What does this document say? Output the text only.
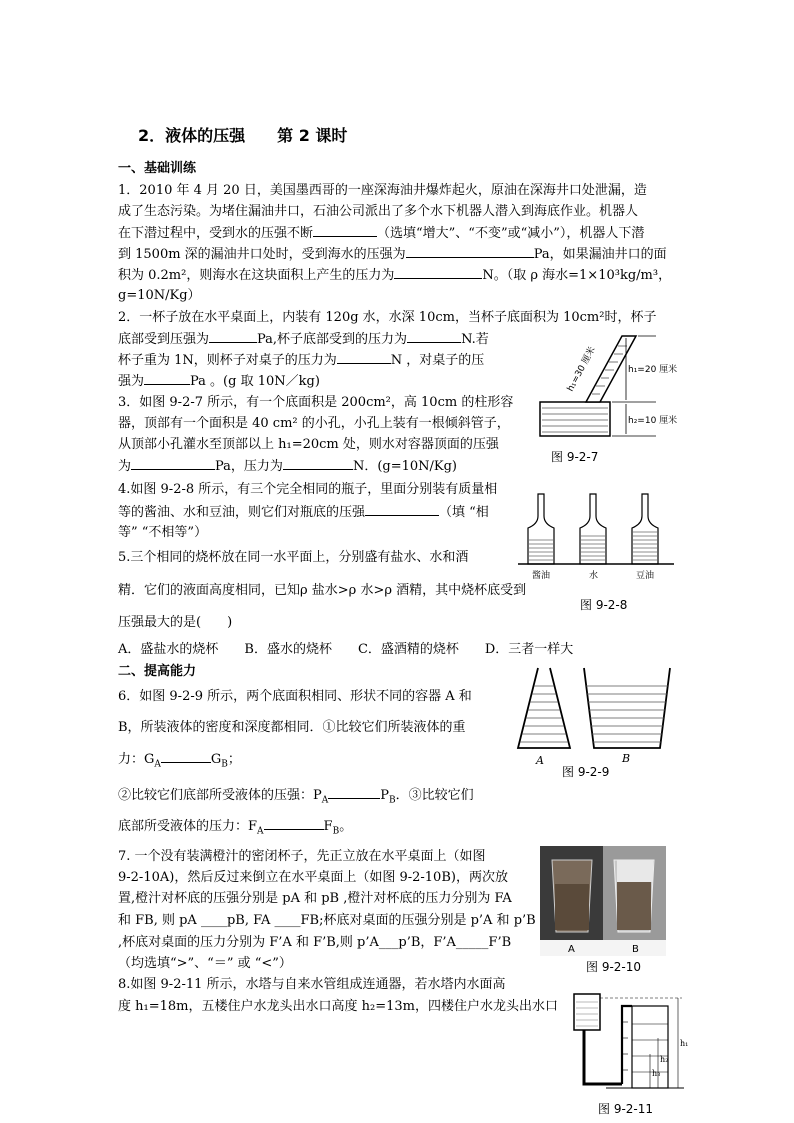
2．液体的压强　　第 2 课时
一、基础训练
1．2010 年 4 月 20 日，美国墨西哥的一座深海油井爆炸起火，原油在深海井口处泄漏，造
成了生态污染。为堵住漏油井口，石油公司派出了多个水下机器人潜入到海底作业。机器人
在下潜过程中，受到水的压强不断	（选填“增大”、“不变”或“减小”），机器人下潜
到 1500m 深的漏油井口处时，受到海水的压强为	Pa，如果漏油井口的面
积为 0.2m²，则海水在这块面积上产生的压力为	N。（取 ρ 海水=1×10³kg/m³，
g=10N/Kg）
2．一杯子放在水平桌面上，内装有 120g 水，水深 10cm，当杯子底面积为 10cm²时，杯子
底部受到压强为	Pa,杯子底部受到的压力为	N.若
杯子重为 1N，则杯子对桌子的压力为	N ，对桌子的压
强为	Pa 。(g 取 10N／kg)
3．如图 9-2-7 所示，有一个底面积是 200cm²，高 10cm 的柱形容
器，顶部有一个面积是 40 cm² 的小孔，小孔上装有一根倾斜管子，
从顶部小孔灌水至顶部以上 h₁=20cm 处，则水对容器顶面的压强
为	Pa，压力为	N．(g=10N/Kg)
4.如图 9-2-8 所示，有三个完全相同的瓶子，里面分别装有质量相
等的酱油、水和豆油，则它们对瓶底的压强	（填 “相
等” “不相等”）
5.三个相同的烧杯放在同一水平面上，分别盛有盐水、水和酒
精．它们的液面高度相同，已知ρ 盐水>ρ 水>ρ 酒精，其中烧杯底受到
压强最大的是(　　)
A．盛盐水的烧杯　　B．盛水的烧杯　　C．盛酒精的烧杯　　D．三者一样大
二、提高能力
6．如图 9-2-9 所示，两个底面积相同、形状不同的容器 A 和
B，所装液体的密度和深度都相同．①比较它们所装液体的重
力：$G_A$	$G_B$；
②比较它们底部所受液体的压强：$P_A$	$P_B$．③比较它们
底部所受液体的压力：$F_A$	$F_B$。
7. 一个没有装满橙汁的密闭杯子，先正立放在水平桌面上（如图
9-2-10A)，然后反过来倒立在水平桌面上（如图 9-2-10B)，两次放
置,橙汁对杯底的压强分别是 pA 和 pB ,橙汁对杯底的压力分别为 FA
和 FB, 则 pA ____pB, FA ____FB;杯底对桌面的压强分别是 p’A 和 p’B
,杯底对桌面的压力分别为 F’A 和 F’B,则 p’A___p’B，F’A_____F’B
（均选填“>”、“＝” 或 “<”）
8.如图 9-2-11 所示，水塔与自来水管组成连通器，若水塔内水面高
度 h₁=18m，五楼住户水龙头出水口高度 h₂=13m，四楼住户水龙头出水口
h₁=20 厘米
h₂=10 厘米
h₁=30 厘米
图 9-2-7
酱油	水	豆油
图 9-2-8
A	B
图 9-2-9
A	B
图 9-2-10
h₁
h₂
h₃
图 9-2-11
